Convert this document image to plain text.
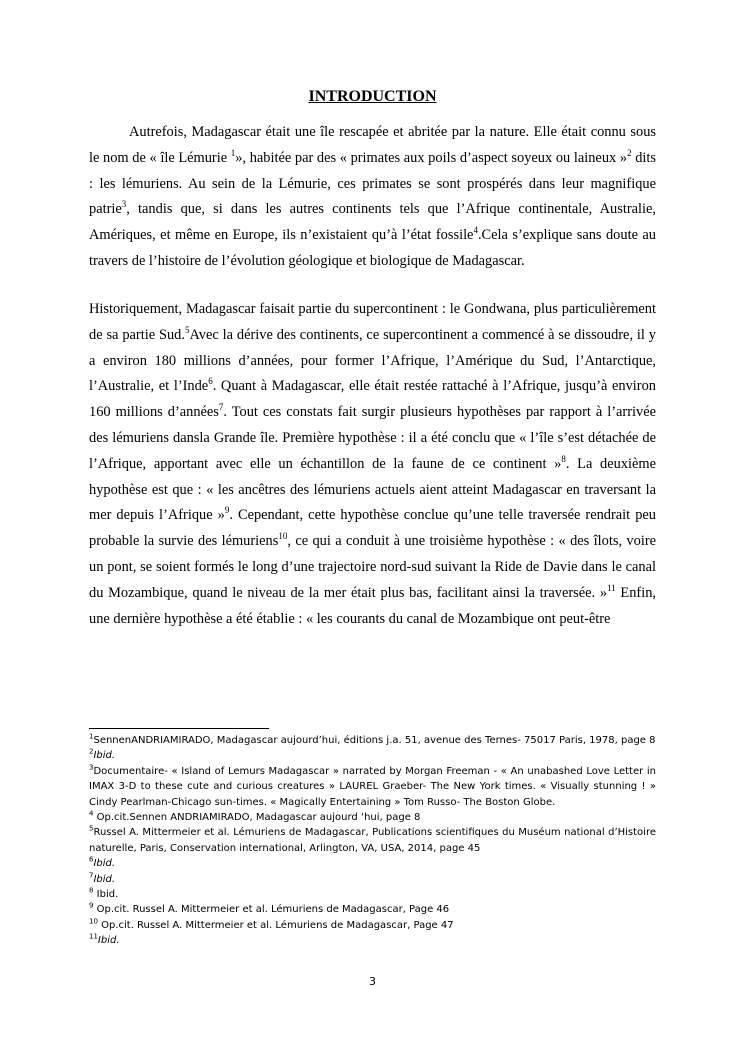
INTRODUCTION

Autrefois, Madagascar était une île rescapée et abritée par la nature. Elle était connu sous le nom de « île Lémurie $^1$», habitée par des « primates aux poils d’aspect soyeux ou laineux »$^2$ dits : les lémuriens. Au sein de la Lémurie, ces primates se sont prospérés dans leur magnifique patrie$^3$, tandis que, si dans les autres continents tels que l’Afrique continentale, Australie, Amériques, et même en Europe, ils n’existaient qu’à l’état fossile$^4$.Cela s’explique sans doute au travers de l’histoire de l’évolution géologique et biologique de Madagascar.

Historiquement, Madagascar faisait partie du supercontinent : le Gondwana, plus particulièrement de sa partie Sud.$^5$Avec la dérive des continents, ce supercontinent a commencé à se dissoudre, il y a environ 180 millions d’années, pour former l’Afrique, l’Amérique du Sud, l’Antarctique, l’Australie, et l’Inde$^6$. Quant à Madagascar, elle était restée rattaché à l’Afrique, jusqu’à environ 160 millions d’années$^7$. Tout ces constats fait surgir plusieurs hypothèses par rapport à l’arrivée des lémuriens dansla Grande île. Première hypothèse : il a été conclu que « l’île s’est détachée de l’Afrique, apportant avec elle un échantillon de la faune de ce continent »$^8$. La deuxième hypothèse est que : « les ancêtres des lémuriens actuels aient atteint Madagascar en traversant la mer depuis l’Afrique »$^9$. Cependant, cette hypothèse conclue qu’une telle traversée rendrait peu probable la survie des lémuriens$^{10}$, ce qui a conduit à une troisième hypothèse : « des îlots, voire un pont, se soient formés le long d’une trajectoire nord-sud suivant la Ride de Davie dans le canal du Mozambique, quand le niveau de la mer était plus bas, facilitant ainsi la traversée. »$^{11}$ Enfin, une dernière hypothèse a été établie : « les courants du canal de Mozambique ont peut-être

$^1$SennenANDRIAMIRADO, Madagascar aujourd’hui, éditions j.a. 51, avenue des Ternes- 75017 Paris, 1978, page 8

$^2$Ibid.

$^3$Documentaire- « Island of Lemurs Madagascar » narrated by Morgan Freeman - « An unabashed Love Letter in IMAX 3-D to these cute and curious creatures » LAUREL Graeber- The New York times. « Visually stunning ! » Cindy Pearlman-Chicago sun-times. « Magically Entertaining » Tom Russo- The Boston Globe.

$^4$ Op.cit.Sennen ANDRIAMIRADO, Madagascar aujourd ‘hui, page 8

$^5$Russel A. Mittermeier et al. Lémuriens de Madagascar, Publications scientifiques du Muséum national d’Histoire naturelle, Paris, Conservation international, Arlington, VA, USA, 2014, page 45

$^6$Ibid.

$^7$Ibid.

$^8$ Ibid.

$^9$ Op.cit. Russel A. Mittermeier et al. Lémuriens de Madagascar, Page 46

$^{10}$ Op.cit. Russel A. Mittermeier et al. Lémuriens de Madagascar, Page 47

$^{11}$Ibid.

3
